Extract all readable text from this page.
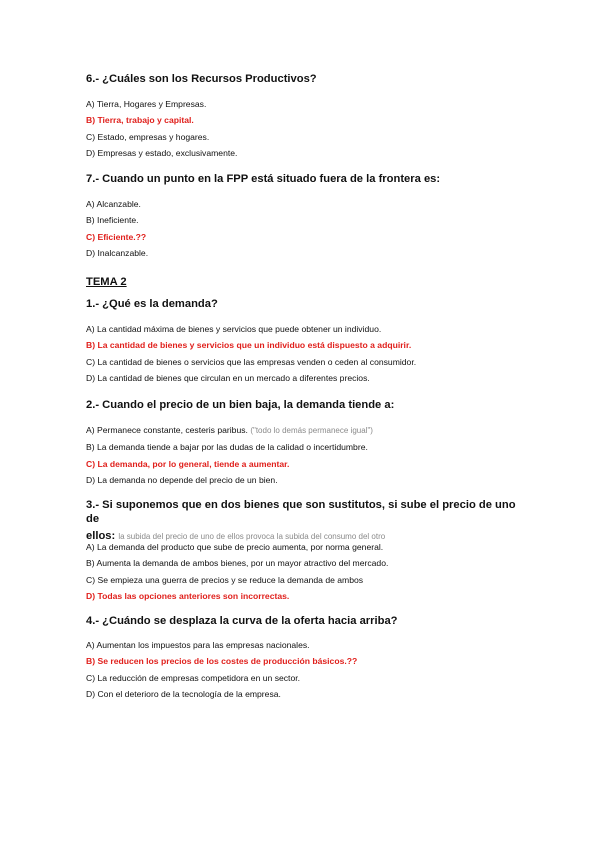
6.- ¿Cuáles son los Recursos Productivos?

A) Tierra, Hogares y Empresas.
B) Tierra, trabajo y capital.
C) Estado, empresas y hogares.
D) Empresas y estado, exclusivamente.

7.- Cuando un punto en la FPP está situado fuera de la frontera es:

A) Alcanzable.
B) Ineficiente.
C) Eficiente.??
D) Inalcanzable.
TEMA 2

1.- ¿Qué es la demanda?

A) La cantidad máxima de bienes y servicios que puede obtener un individuo.
B) La cantidad de bienes y servicios que un individuo está dispuesto a adquirir.
C) La cantidad de bienes o servicios que las empresas venden o ceden al consumidor.
D) La cantidad de bienes que circulan en un mercado a diferentes precios.

2.- Cuando el precio de un bien baja, la demanda tiende a:

A) Permanece constante, cesteris paribus. ("todo lo demás permanece igual")
B) La demanda tiende a bajar por las dudas de la calidad o incertidumbre.
C) La demanda, por lo general, tiende a aumentar.
D) La demanda no depende del precio de un bien.

3.- Si suponemos que en dos bienes que son sustitutos, si sube el precio de uno de

ellos: la subida del precio de uno de ellos provoca la subida del consumo del otro

A) La demanda del producto que sube de precio aumenta, por norma general.
B) Aumenta la demanda de ambos bienes, por un mayor atractivo del mercado.
C) Se empieza una guerra de precios y se reduce la demanda de ambos
D) Todas las opciones anteriores son incorrectas.

4.- ¿Cuándo se desplaza la curva de la oferta hacia arriba?

A) Aumentan los impuestos para las empresas nacionales.
B) Se reducen los precios de los costes de producción básicos.??
C) La reducción de empresas competidora en un sector.
D) Con el deterioro de la tecnología de la empresa.
